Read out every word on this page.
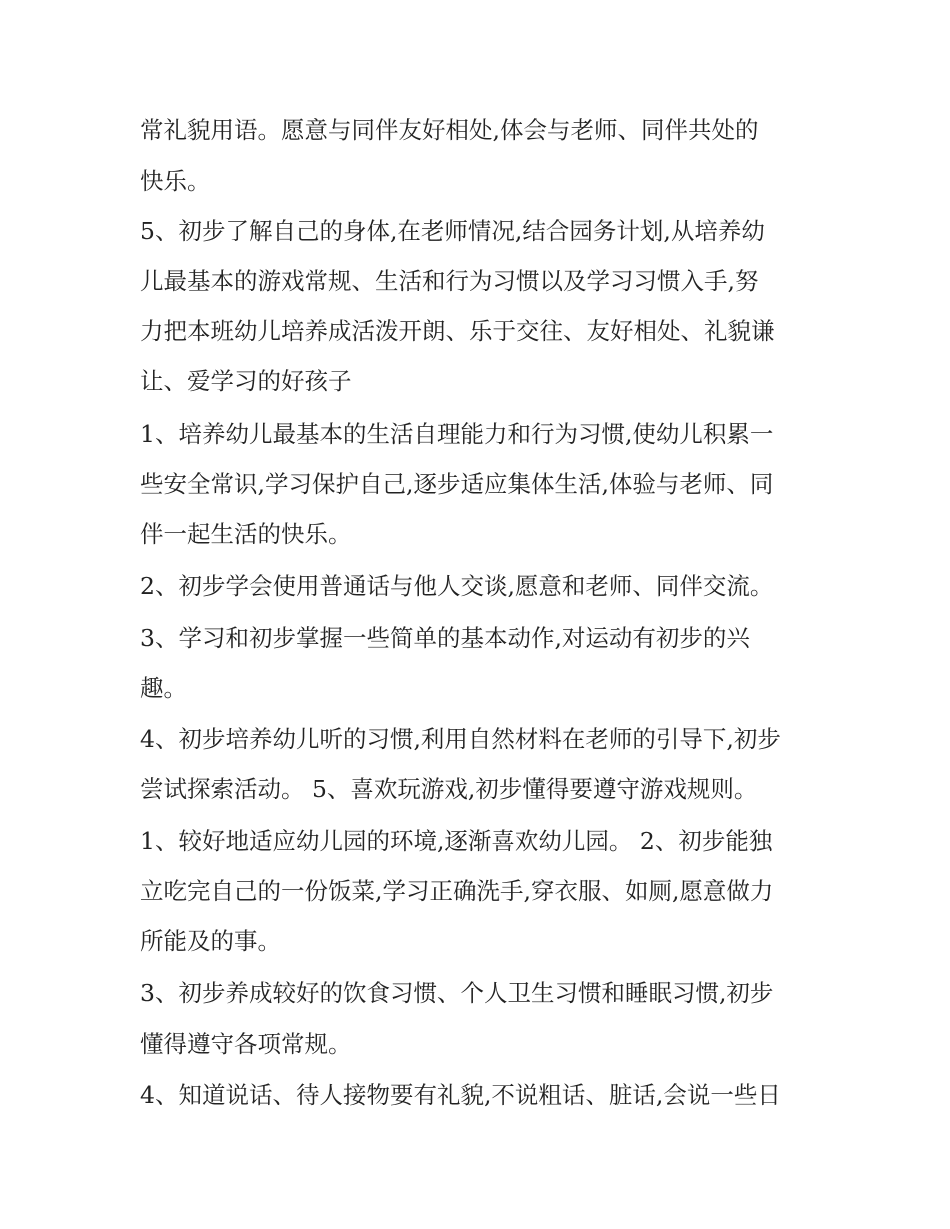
常礼貌用语。愿意与同伴友好相处,体会与老师、同伴共处的
快乐。
5、初步了解自己的身体,在老师情况,结合园务计划,从培养幼
儿最基本的游戏常规、生活和行为习惯以及学习习惯入手,努
力把本班幼儿培养成活泼开朗、乐于交往、友好相处、礼貌谦
让、爱学习的好孩子
1、培养幼儿最基本的生活自理能力和行为习惯,使幼儿积累一
些安全常识,学习保护自己,逐步适应集体生活,体验与老师、同
伴一起生活的快乐。
2、初步学会使用普通话与他人交谈,愿意和老师、同伴交流。
3、学习和初步掌握一些简单的基本动作,对运动有初步的兴
趣。
4、初步培养幼儿听的习惯,利用自然材料在老师的引导下,初步
尝试探索活动。 5、喜欢玩游戏,初步懂得要遵守游戏规则。
1、较好地适应幼儿园的环境,逐渐喜欢幼儿园。 2、初步能独
立吃完自己的一份饭菜,学习正确洗手,穿衣服、如厕,愿意做力
所能及的事。
3、初步养成较好的饮食习惯、个人卫生习惯和睡眠习惯,初步
懂得遵守各项常规。
4、知道说话、待人接物要有礼貌,不说粗话、脏话,会说一些日
